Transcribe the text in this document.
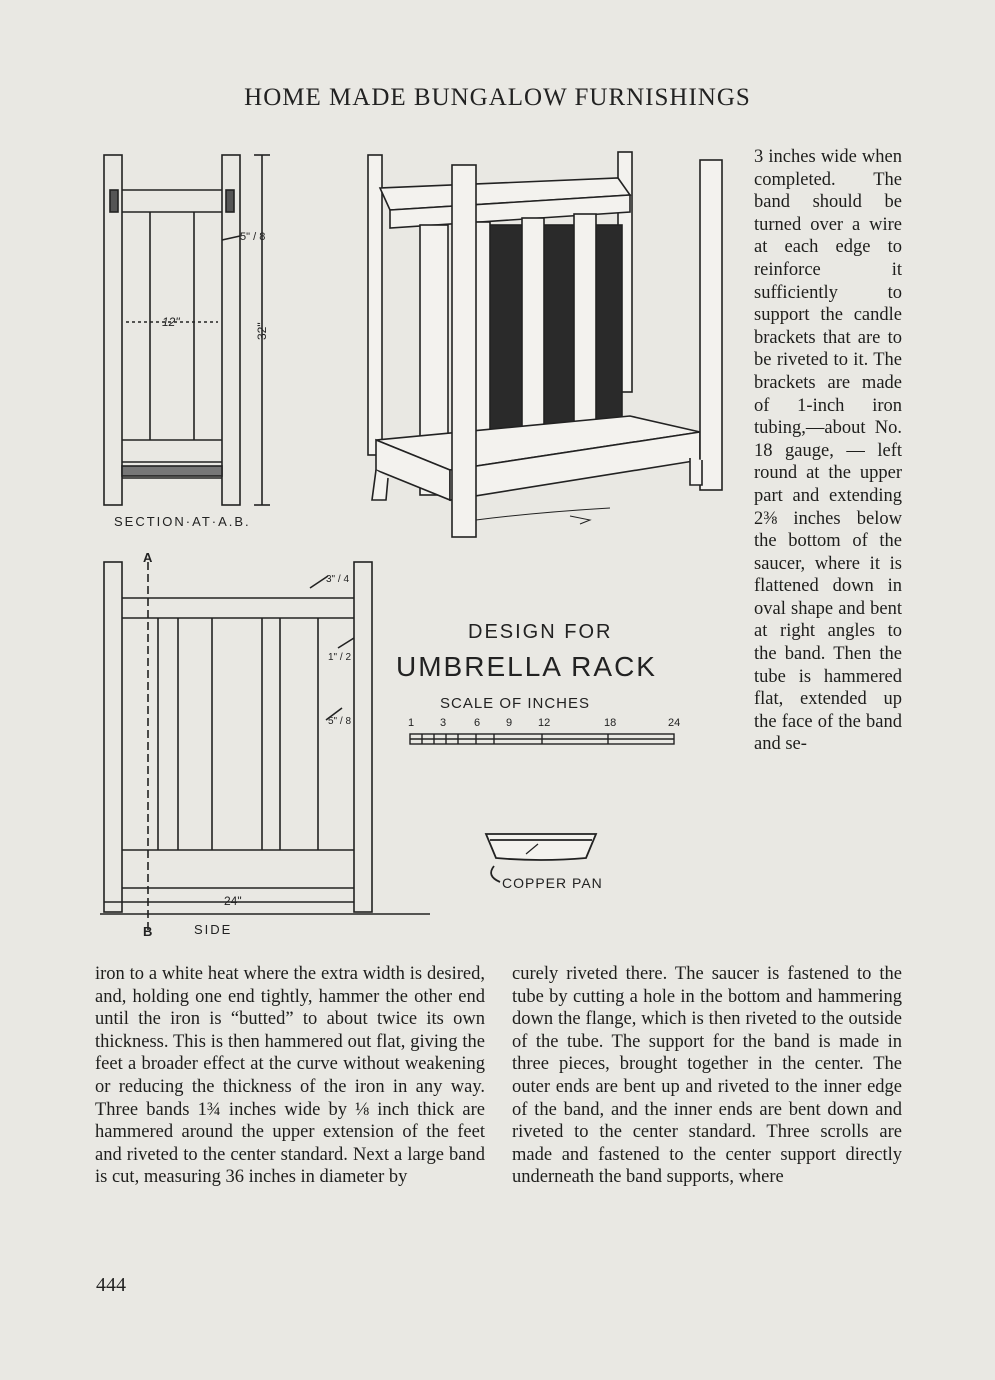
HOME MADE BUNGALOW FURNISHINGS
5" / 8
12"
32"
SECTION·AT·A.B.
A
B
3" / 4
1" / 2
5" / 8
24"
SIDE
DESIGN FOR
UMBRELLA RACK
SCALE OF INCHES
1 3	6 9 12	18	24
COPPER PAN

3 inches wide when completed. The band should be turned over a wire at each edge to reinforce it sufficiently to support the candle brackets that are to be riveted to it. The brackets are made of 1-inch iron tubing,—about No. 18 gauge, — left round at the upper part and extending 2⅜ inches below the bottom of the saucer, where it is flattened down in oval shape and bent at right angles to the band. Then the tube is hammered flat, extended up the face of the band and se-

iron to a white heat where the extra width is desired, and, holding one end tightly, hammer the other end until the iron is “butted” to about twice its own thickness. This is then hammered out flat, giving the feet a broader effect at the curve without weakening or reducing the thickness of the iron in any way. Three bands 1¾ inches wide by ⅛ inch thick are hammered around the upper extension of the feet and riveted to the center standard. Next a large band is cut, measuring 36 inches in diameter by

curely riveted there. The saucer is fastened to the tube by cutting a hole in the bottom and hammering down the flange, which is then riveted to the outside of the tube. The support for the band is made in three pieces, brought together in the center. The outer ends are bent up and riveted to the inner edge of the band, and the inner ends are bent down and riveted to the center standard. Three scrolls are made and fastened to the center support directly underneath the band supports, where

444
